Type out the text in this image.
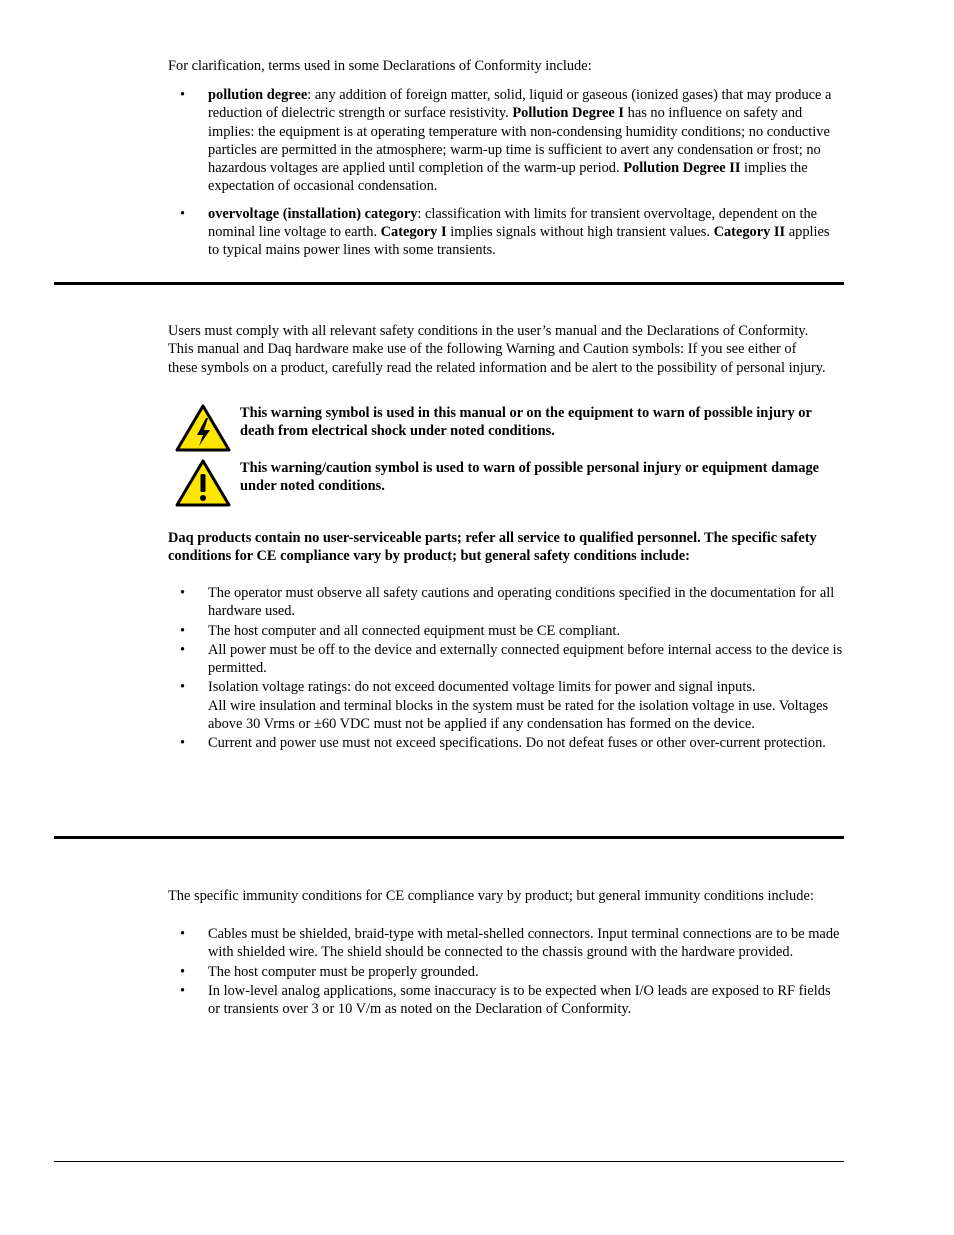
For clarification, terms used in some Declarations of Conformity include:

• pollution degree: any addition of foreign matter, solid, liquid or gaseous (ionized gases) that may produce a reduction of dielectric strength or surface resistivity. Pollution Degree I has no influence on safety and implies: the equipment is at operating temperature with non-condensing humidity conditions; no conductive particles are permitted in the atmosphere; warm-up time is sufficient to avert any condensation or frost; no hazardous voltages are applied until completion of the warm-up period. Pollution Degree II implies the expectation of occasional condensation.
• overvoltage (installation) category: classification with limits for transient overvoltage, dependent on the nominal line voltage to earth. Category I implies signals without high transient values. Category II applies to typical mains power lines with some transients.

Users must comply with all relevant safety conditions in the user’s manual and the Declarations of Conformity. This manual and Daq hardware make use of the following Warning and Caution symbols: If you see either of these symbols on a product, carefully read the related information and be alert to the possibility of personal injury.

This warning symbol is used in this manual or on the equipment to warn of possible injury or death from electrical shock under noted conditions.

This warning/caution symbol is used to warn of possible personal injury or equipment damage under noted conditions.

Daq products contain no user-serviceable parts; refer all service to qualified personnel. The specific safety conditions for CE compliance vary by product; but general safety conditions include:

• The operator must observe all safety cautions and operating conditions specified in the documentation for all hardware used.
• The host computer and all connected equipment must be CE compliant.
• All power must be off to the device and externally connected equipment before internal access to the device is permitted.
• Isolation voltage ratings: do not exceed documented voltage limits for power and signal inputs.
All wire insulation and terminal blocks in the system must be rated for the isolation voltage in use. Voltages above 30 Vrms or ±60 VDC must not be applied if any condensation has formed on the device.
• Current and power use must not exceed specifications. Do not defeat fuses or other over-current protection.

The specific immunity conditions for CE compliance vary by product; but general immunity conditions include:

• Cables must be shielded, braid-type with metal-shelled connectors. Input terminal connections are to be made with shielded wire. The shield should be connected to the chassis ground with the hardware provided.
• The host computer must be properly grounded.
• In low-level analog applications, some inaccuracy is to be expected when I/O leads are exposed to RF fields or transients over 3 or 10 V/m as noted on the Declaration of Conformity.
